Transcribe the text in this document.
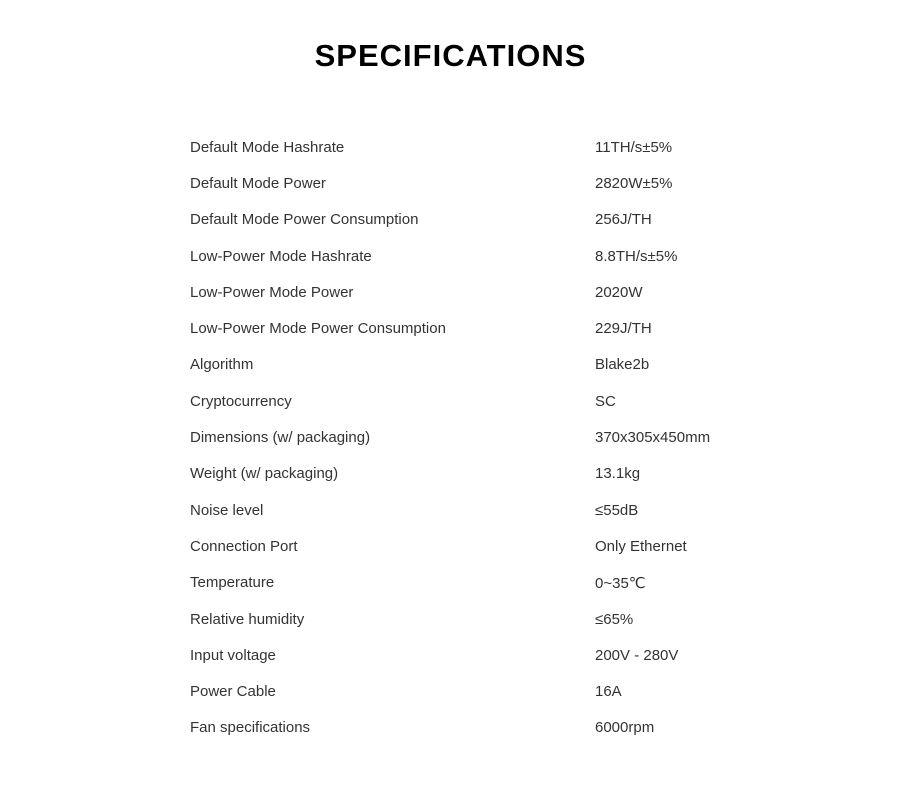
SPECIFICATIONS
Default Mode Hashrate	11TH/s±5%
Default Mode Power	2820W±5%
Default Mode Power Consumption	256J/TH
Low-Power Mode Hashrate	8.8TH/s±5%
Low-Power Mode Power	2020W
Low-Power Mode Power Consumption	229J/TH
Algorithm	Blake2b
Cryptocurrency	SC
Dimensions (w/ packaging)	370x305x450mm
Weight (w/ packaging)	13.1kg
Noise level	≤55dB
Connection Port	Only Ethernet
Temperature	0~35℃
Relative humidity	≤65%
Input voltage	200V - 280V
Power Cable	16A
Fan specifications	6000rpm
